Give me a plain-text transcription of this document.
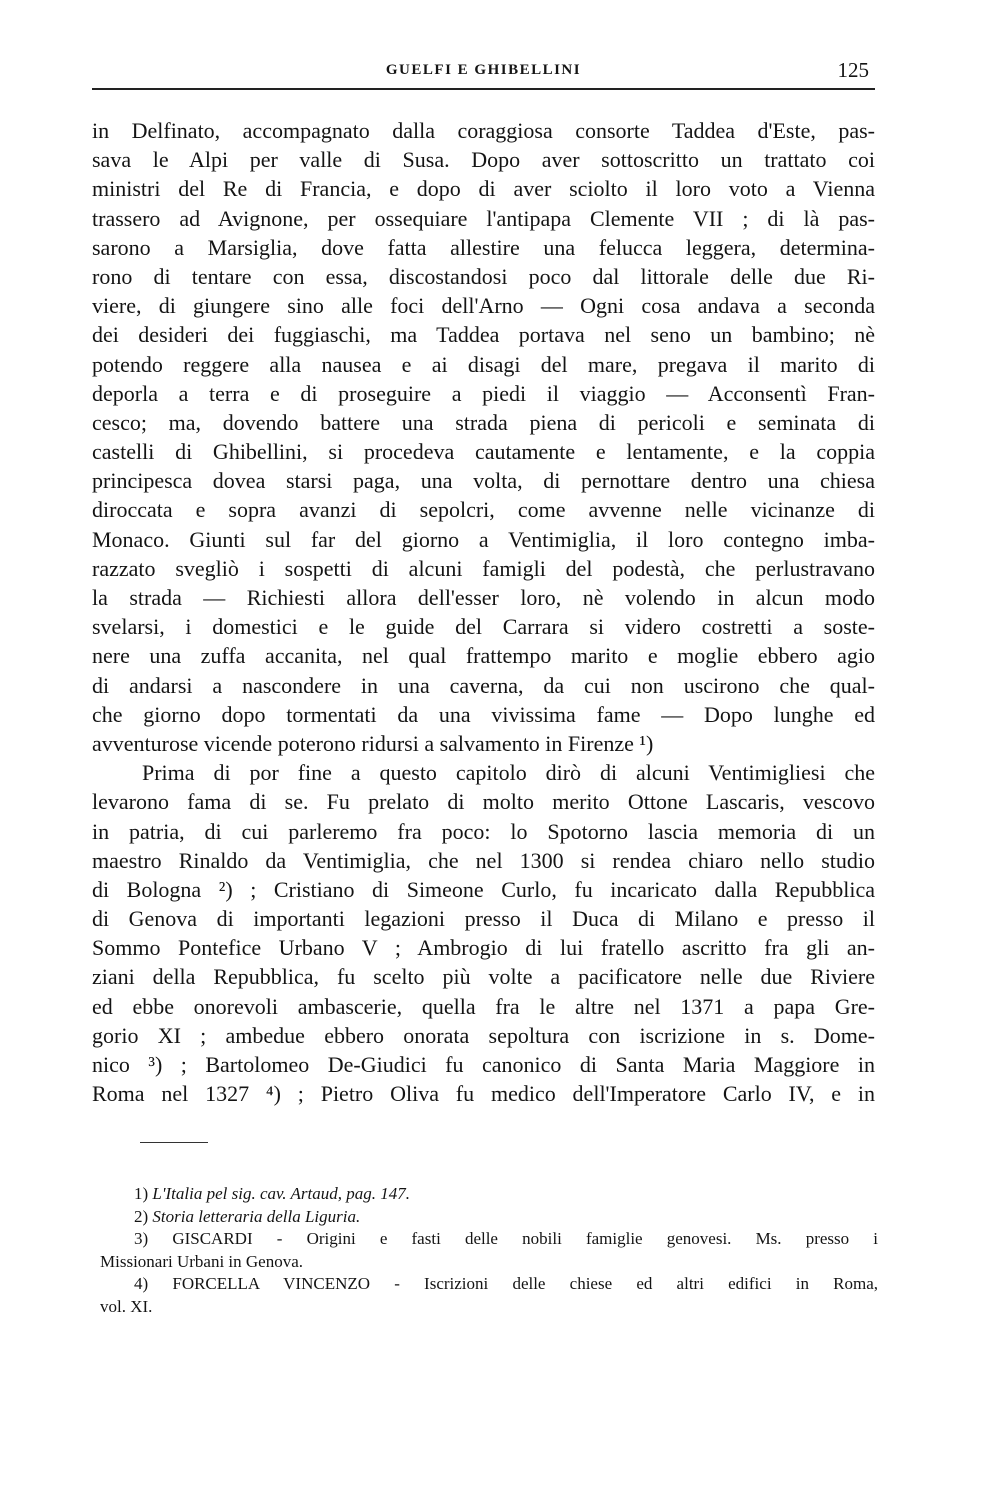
GUELFI E GHIBELLINI	125
in Delfinato, accompagnato dalla coraggiosa consorte Taddea d'Este, pas-
sava le Alpi per valle di Susa. Dopo aver sottoscritto un trattato coi
ministri del Re di Francia, e dopo di aver sciolto il loro voto a Vienna
trassero ad Avignone, per ossequiare l'antipapa Clemente VII ; di là pas-
sarono a Marsiglia, dove fatta allestire una felucca leggera, determina-
rono di tentare con essa, discostandosi poco dal littorale delle due Ri-
viere, di giungere sino alle foci dell'Arno — Ogni cosa andava a seconda
dei desideri dei fuggiaschi, ma Taddea portava nel seno un bambino; nè
potendo reggere alla nausea e ai disagi del mare, pregava il marito di
deporla a terra e di proseguire a piedi il viaggio — Acconsentì Fran-
cesco; ma, dovendo battere una strada piena di pericoli e seminata di
castelli di Ghibellini, si procedeva cautamente e lentamente, e la coppia
principesca dovea starsi paga, una volta, di pernottare dentro una chiesa
diroccata e sopra avanzi di sepolcri, come avvenne nelle vicinanze di
Monaco. Giunti sul far del giorno a Ventimiglia, il loro contegno imba-
razzato svegliò i sospetti di alcuni famigli del podestà, che perlustravano
la strada — Richiesti allora dell'esser loro, nè volendo in alcun modo
svelarsi, i domestici e le guide del Carrara si videro costretti a soste-
nere una zuffa accanita, nel qual frattempo marito e moglie ebbero agio
di andarsi a nascondere in una caverna, da cui non uscirono che qual-
che giorno dopo tormentati da una vivissima fame — Dopo lunghe ed
avventurose vicende poterono ridursi a salvamento in Firenze ¹)
Prima di por fine a questo capitolo dirò di alcuni Ventimigliesi che
levarono fama di se. Fu prelato di molto merito Ottone Lascaris, vescovo
in patria, di cui parleremo fra poco: lo Spotorno lascia memoria di un
maestro Rinaldo da Ventimiglia, che nel 1300 si rendea chiaro nello studio
di Bologna ²) ; Cristiano di Simeone Curlo, fu incaricato dalla Repubblica
di Genova di importanti legazioni presso il Duca di Milano e presso il
Sommo Pontefice Urbano V ; Ambrogio di lui fratello ascritto fra gli an-
ziani della Repubblica, fu scelto più volte a pacificatore nelle due Riviere
ed ebbe onorevoli ambascerie, quella fra le altre nel 1371 a papa Gre-
gorio XI ; ambedue ebbero onorata sepoltura con iscrizione in s. Dome-
nico ³) ; Bartolomeo De-Giudici fu canonico di Santa Maria Maggiore in
Roma nel 1327 ⁴) ; Pietro Oliva fu medico dell'Imperatore Carlo IV, e in
1) L'Italia pel sig. cav. Artaud, pag. 147.
2) Storia letteraria della Liguria.
3) GISCARDI - Origini e fasti delle nobili famiglie genovesi. Ms. presso i
Missionari Urbani in Genova.
4) FORCELLA VINCENZO - Iscrizioni delle chiese ed altri edifici in Roma,
vol. XI.
